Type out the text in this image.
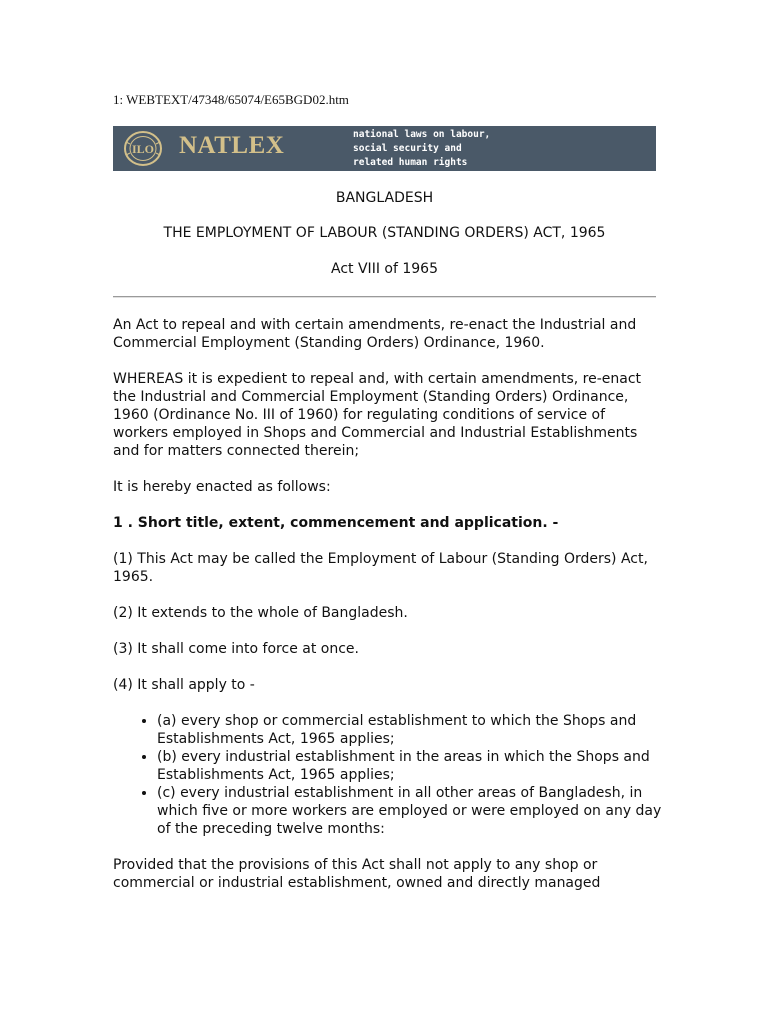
1: WEBTEXT/47348/65074/E65BGD02.htm
ILO NATLEX	national laws on labour,
social security and
related human rights
BANGLADESH
THE EMPLOYMENT OF LABOUR (STANDING ORDERS) ACT, 1965
Act VIII of 1965

An Act to repeal and with certain amendments, re-enact the Industrial and Commercial Employment (Standing Orders) Ordinance, 1960.

WHEREAS it is expedient to repeal and, with certain amendments, re-enact the Industrial and Commercial Employment (Standing Orders) Ordinance, 1960 (Ordinance No. III of 1960) for regulating conditions of service of workers employed in Shops and Commercial and Industrial Establishments and for matters connected therein;

It is hereby enacted as follows:

1 . Short title, extent, commencement and application. -

(1) This Act may be called the Employment of Labour (Standing Orders) Act, 1965.

(2) It extends to the whole of Bangladesh.

(3) It shall come into force at once.

(4) It shall apply to -

• (a) every shop or commercial establishment to which the Shops and Establishments Act, 1965 applies;
• (b) every industrial establishment in the areas in which the Shops and Establishments Act, 1965 applies;
• (c) every industrial establishment in all other areas of Bangladesh, in which five or more workers are employed or were employed on any day of the preceding twelve months:

Provided that the provisions of this Act shall not apply to any shop or commercial or industrial establishment, owned and directly managed
